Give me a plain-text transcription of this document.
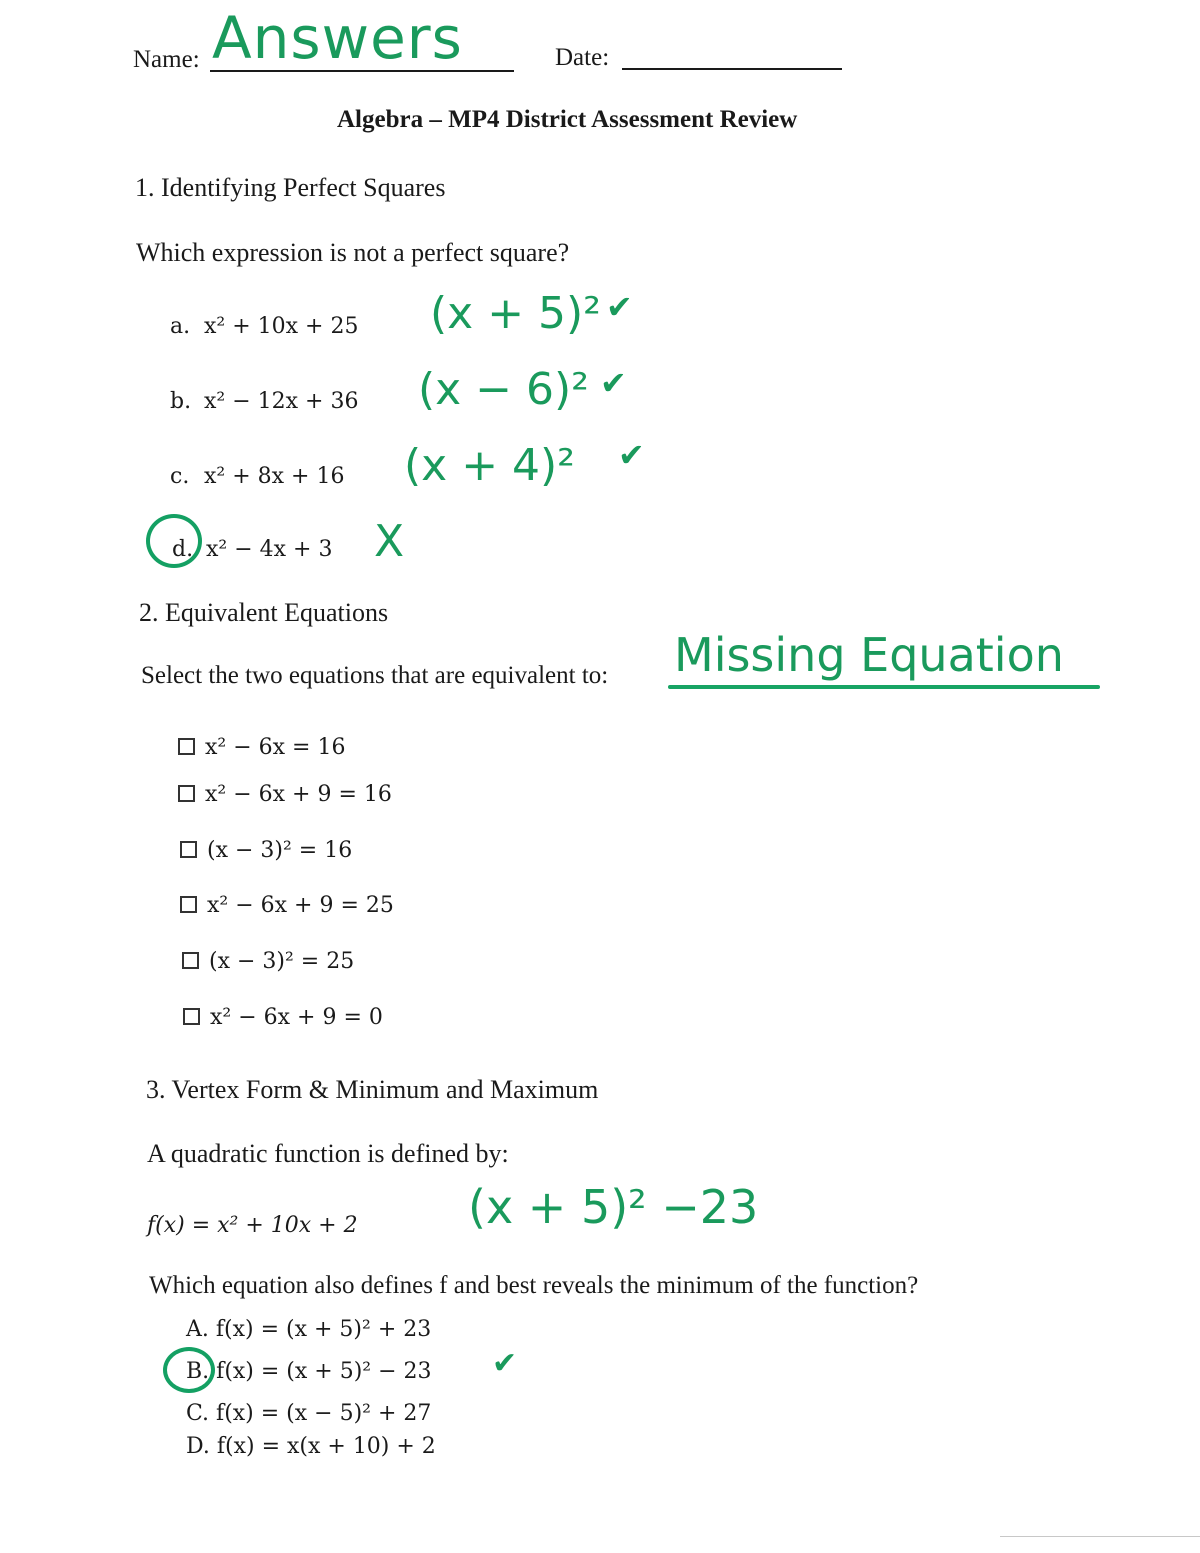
Name: Answers	Date:
Algebra – MP4 District Assessment Review
1. Identifying Perfect Squares
Which expression is not a perfect square?
a. x² + 10x + 25 (x + 5)² ✔
b. x² − 12x + 36 (x − 6)² ✔
c. x² + 8x + 16 (x + 4)² ✔
d. x² − 4x + 3 X
2. Equivalent Equations
Select the two equations that are equivalent to: Missing Equation
x² − 6x = 16
x² − 6x + 9 = 16
(x − 3)² = 16
x² − 6x + 9 = 25
(x − 3)² = 25
x² − 6x + 9 = 0
3. Vertex Form & Minimum and Maximum
A quadratic function is defined by:
f(x) = x² + 10x + 2 (x + 5)² −23
Which equation also defines f and best reveals the minimum of the function?
A. f(x) = (x + 5)² + 23
B. f(x) = (x + 5)² − 23 ✔
C. f(x) = (x − 5)² + 27
D. f(x) = x(x + 10) + 2
